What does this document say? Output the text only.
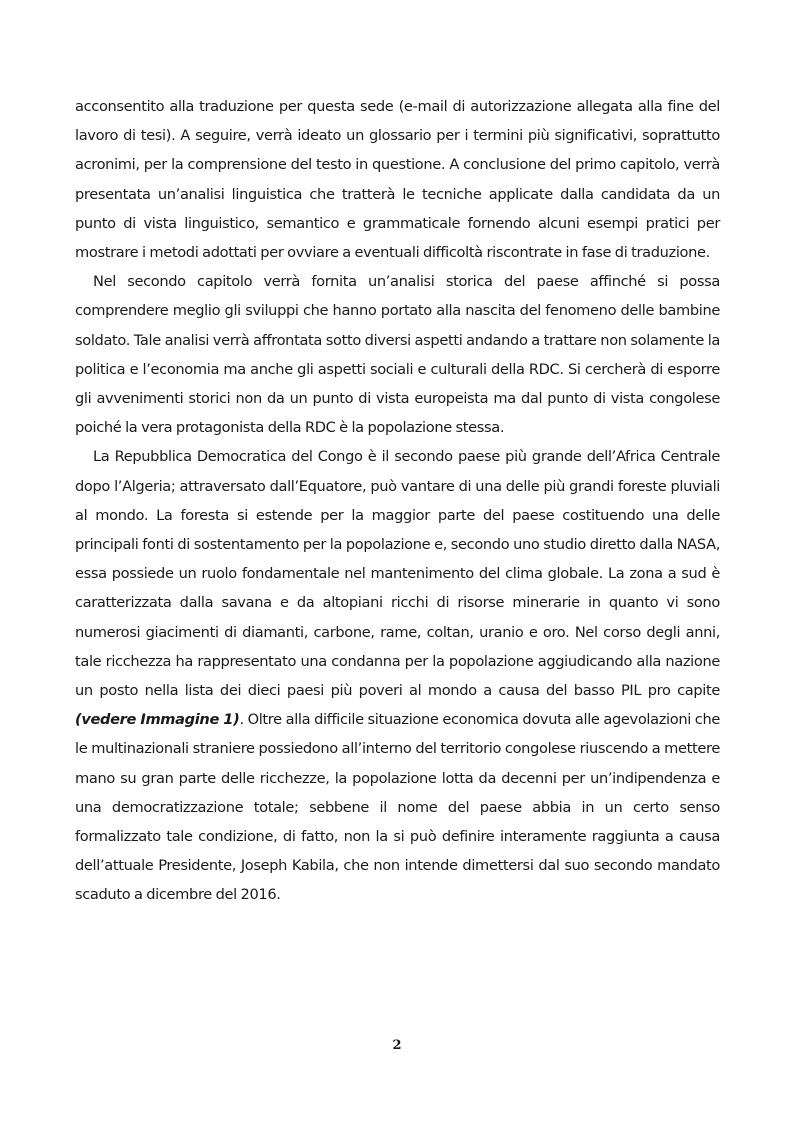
acconsentito alla traduzione per questa sede (e-mail di autorizzazione allegata alla fine del lavoro di tesi). A seguire, verrà ideato un glossario per i termini più significativi, soprattutto acronimi, per la comprensione del testo in questione. A conclusione del primo capitolo, verrà presentata un’analisi linguistica che tratterà le tecniche applicate dalla candidata da un punto di vista linguistico, semantico e grammaticale fornendo alcuni esempi pratici per mostrare i metodi adottati per ovviare a eventuali difficoltà riscontrate in fase di traduzione.

Nel secondo capitolo verrà fornita un’analisi storica del paese affinché si possa comprendere meglio gli sviluppi che hanno portato alla nascita del fenomeno delle bambine soldato. Tale analisi verrà affrontata sotto diversi aspetti andando a trattare non solamente la politica e l’economia ma anche gli aspetti sociali e culturali della RDC. Si cercherà di esporre gli avvenimenti storici non da un punto di vista europeista ma dal punto di vista congolese poiché la vera protagonista della RDC è la popolazione stessa.

La Repubblica Democratica del Congo è il secondo paese più grande dell’Africa Centrale dopo l’Algeria; attraversato dall’Equatore, può vantare di una delle più grandi foreste pluviali al mondo. La foresta si estende per la maggior parte del paese costituendo una delle principali fonti di sostentamento per la popolazione e, secondo uno studio diretto dalla NASA, essa possiede un ruolo fondamentale nel mantenimento del clima globale. La zona a sud è caratterizzata dalla savana e da altopiani ricchi di risorse minerarie in quanto vi sono numerosi giacimenti di diamanti, carbone, rame, coltan, uranio e oro. Nel corso degli anni, tale ricchezza ha rappresentato una condanna per la popolazione aggiudicando alla nazione un posto nella lista dei dieci paesi più poveri al mondo a causa del basso PIL pro capite (vedere Immagine 1). Oltre alla difficile situazione economica dovuta alle agevolazioni che le multinazionali straniere possiedono all’interno del territorio congolese riuscendo a mettere mano su gran parte delle ricchezze, la popolazione lotta da decenni per un’indipendenza e una democratizzazione totale; sebbene il nome del paese abbia in un certo senso formalizzato tale condizione, di fatto, non la si può definire interamente raggiunta a causa dell’attuale Presidente, Joseph Kabila, che non intende dimettersi dal suo secondo mandato scaduto a dicembre del 2016.

2
